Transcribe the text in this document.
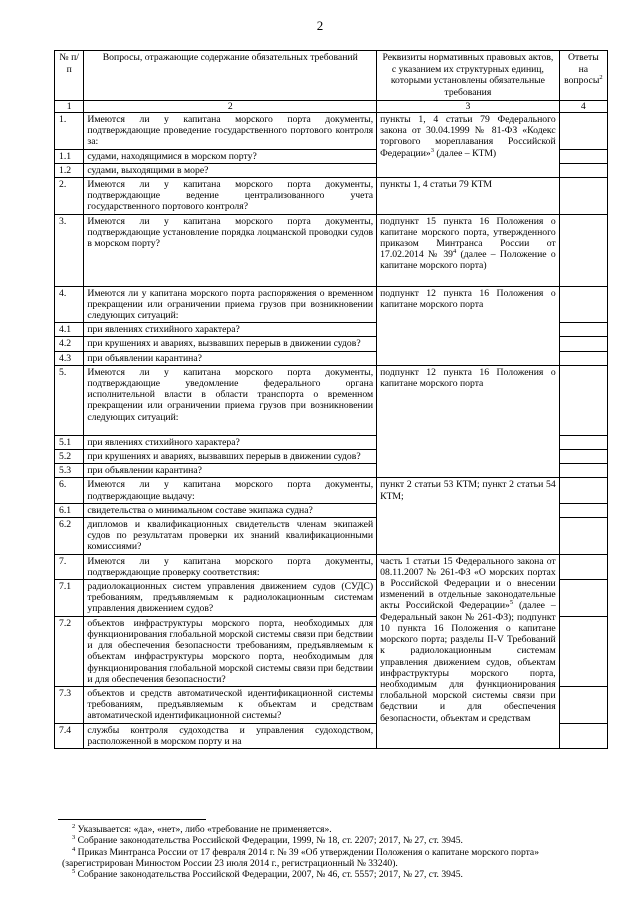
2
№ п/п	Вопросы, отражающие содержание обязательных требований	Реквизиты нормативных правовых актов, с указанием их структурных единиц, которыми установлены обязательные требования	Ответы на вопросы$^2$
1	2	3	4
1.	Имеются ли у капитана морского порта документы, подтверждающие проведение государственного портового контроля за:	пункты 1, 4 статьи 79 Федерального закона от 30.04.1999 № 81-ФЗ «Кодекс торгового мореплавания Российской Федерации»$^3$ (далее – КТМ)	
1.1	судами, находящимися в морском порту?		
1.2	судами, выходящими в море?		
2.	Имеются ли у капитана морского порта документы, подтверждающие ведение централизованного учета государственного портового контроля?	пункты 1, 4 статьи 79 КТМ	
3.	Имеются ли у капитана морского порта документы, подтверждающие установление порядка лоцманской проводки судов в морском порту?	подпункт 15 пункта 16 Положения о капитане морского порта, утвержденного приказом Минтранса России от 17.02.2014 № $39^4$ (далее – Положение о капитане морского порта)	
4.	Имеются ли у капитана морского порта распоряжения о временном прекращении или ограничении приема грузов при возникновении следующих ситуаций:	подпункт 12 пункта 16 Положения о капитане морского порта	
4.1	при явлениях стихийного характера?		
4.2	при крушениях и авариях, вызвавших перерыв в движении судов?		
4.3	при объявлении карантина?		
5.	Имеются ли у капитана морского порта документы, подтверждающие уведомление федерального органа исполнительной власти в области транспорта о временном прекращении или ограничении приема грузов при возникновении следующих ситуаций:	подпункт 12 пункта 16 Положения о капитане морского порта	
5.1	при явлениях стихийного характера?		
5.2	при крушениях и авариях, вызвавших перерыв в движении судов?		
5.3	при объявлении карантина?		
6.	Имеются ли у капитана морского порта документы, подтверждающие выдачу:	пункт 2 статьи 53 КТМ; пункт 2 статьи 54 КТМ;	
6.1	свидетельства о минимальном составе экипажа судна?		
6.2	дипломов и квалификационных свидетельств членам экипажей судов по результатам проверки их знаний квалификационными комиссиями?		
7.	Имеются ли у капитана морского порта документы, подтверждающие проверку соответствия:	часть 1 статьи 15 Федерального закона от 08.11.2007 № 261-ФЗ «О морских портах в Российской Федерации и о внесении изменений в отдельные законодательные акты Российской Федерации»$^5$ (далее – Федеральный закон № 261-ФЗ); подпункт 10 пункта 16 Положения о капитане морского порта; разделы II-V Требований к радиолокационным системам управления движением судов, объектам инфраструктуры морского порта, необходимым для функционирования глобальной морской системы связи при бедствии и для обеспечения безопасности, объектам и средствам	
7.1	радиолокационных систем управления движением судов (СУДС) требованиям, предъявляемым к радиолокационным системам управления движением судов?		
7.2	объектов инфраструктуры морского порта, необходимых для функционирования глобальной морской системы связи при бедствии и для обеспечения безопасности требованиям, предъявляемым к объектам инфраструктуры морского порта, необходимым для функционирования глобальной морской системы связи при бедствии и для обеспечения безопасности?		
7.3	объектов и средств автоматической идентификационной системы требованиям, предъявляемым к объектам и средствам автоматической идентификационной системы?		
7.4	службы контроля судоходства и управления судоходством, расположенной в морском порту и на		
$^2$ Указывается: «да», «нет», либо «требование не применяется».
$^3$ Собрание законодательства Российской Федерации, 1999, № 18, ст. 2207; 2017, № 27, ст. 3945.
$^4$ Приказ Минтранса России от 17 февраля 2014 г. № 39 «Об утверждении Положения о капитане морского порта»
(зарегистрирован Минюстом России 23 июля 2014 г., регистрационный № 33240).
$^5$ Собрание законодательства Российской Федерации, 2007, № 46, ст. 5557; 2017, № 27, ст. 3945.
